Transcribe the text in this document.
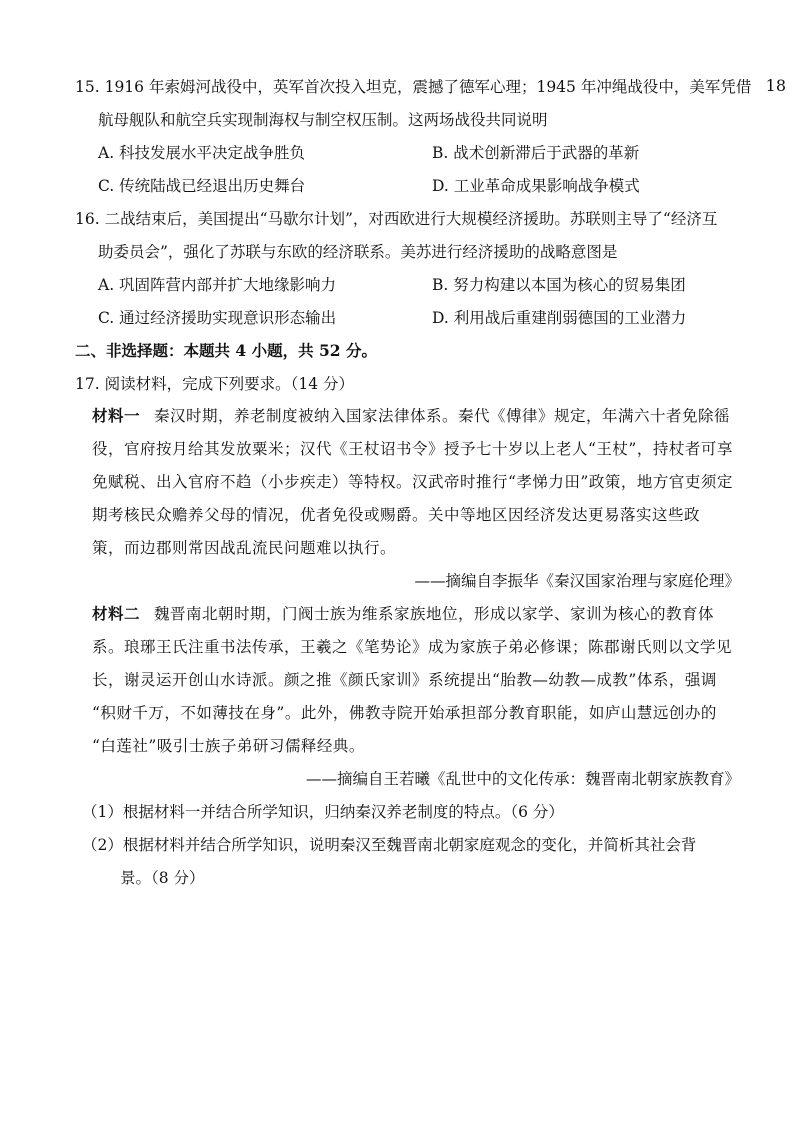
18
15. 1916 年索姆河战役中，英军首次投入坦克，震撼了德军心理；1945 年冲绳战役中，美军凭借
航母舰队和航空兵实现制海权与制空权压制。这两场战役共同说明
A. 科技发展水平决定战争胜负	B. 战术创新滞后于武器的革新
C. 传统陆战已经退出历史舞台	D. 工业革命成果影响战争模式
16. 二战结束后，美国提出“马歇尔计划”，对西欧进行大规模经济援助。苏联则主导了“经济互
助委员会”，强化了苏联与东欧的经济联系。美苏进行经济援助的战略意图是
A. 巩固阵营内部并扩大地缘影响力	B. 努力构建以本国为核心的贸易集团
C. 通过经济援助实现意识形态输出	D. 利用战后重建削弱德国的工业潜力
二、非选择题：本题共 4 小题，共 52 分。
17. 阅读材料，完成下列要求。（14 分）
材料一 秦汉时期，养老制度被纳入国家法律体系。秦代《傅律》规定，年满六十者免除徭
役，官府按月给其发放粟米；汉代《王杖诏书令》授予七十岁以上老人“王杖”，持杖者可享
免赋税、出入官府不趋（小步疾走）等特权。汉武帝时推行“孝悌力田”政策，地方官吏须定
期考核民众赡养父母的情况，优者免役或赐爵。关中等地区因经济发达更易落实这些政
策，而边郡则常因战乱流民问题难以执行。
——摘编自李振华《秦汉国家治理与家庭伦理》
材料二 魏晋南北朝时期，门阀士族为维系家族地位，形成以家学、家训为核心的教育体
系。琅琊王氏注重书法传承，王羲之《笔势论》成为家族子弟必修课；陈郡谢氏则以文学见
长，谢灵运开创山水诗派。颜之推《颜氏家训》系统提出“胎教—幼教—成教”体系，强调
“积财千万，不如薄技在身”。此外，佛教寺院开始承担部分教育职能，如庐山慧远创办的
“白莲社”吸引士族子弟研习儒释经典。
——摘编自王若曦《乱世中的文化传承：魏晋南北朝家族教育》
（1）根据材料一并结合所学知识，归纳秦汉养老制度的特点。（6 分）
（2）根据材料并结合所学知识，说明秦汉至魏晋南北朝家庭观念的变化，并简析其社会背
景。（8 分）
